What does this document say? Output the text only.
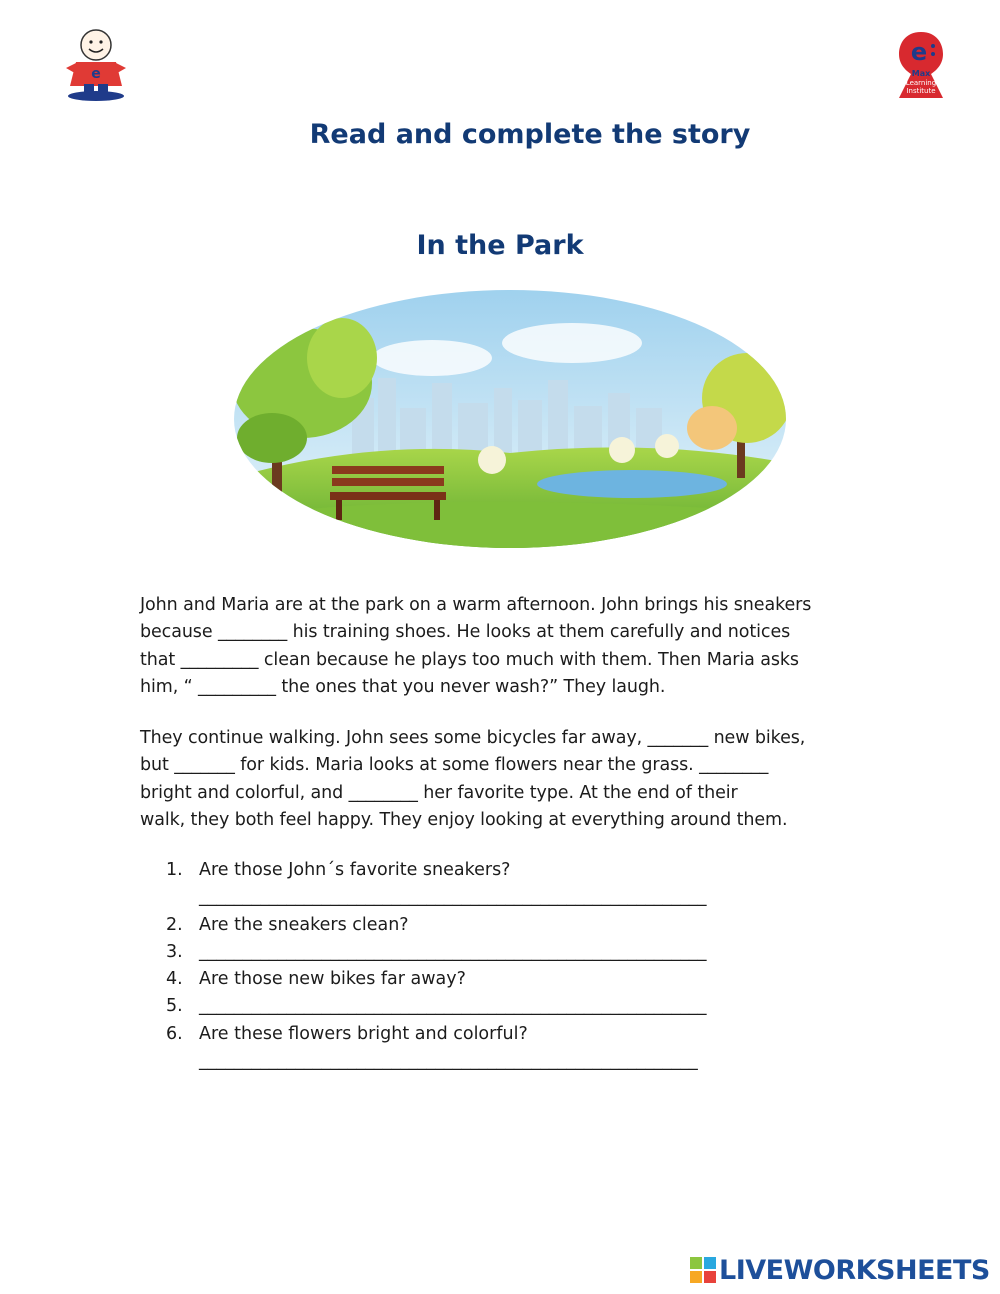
e
e
Max
Learning
Institute
Read and complete the story
In the Park
John and Maria are at the park on a warm afternoon. John brings his sneakers
because ________ his training shoes. He looks at them carefully and notices
that _________ clean because he plays too much with them. Then Maria asks
him, “ _________ the ones that you never wash?” They laugh.
They continue walking. John sees some bicycles far away, _______ new bikes,
but _______ for kids. Maria looks at some flowers near the grass. ________
bright and colorful, and ________ her favorite type. At the end of their
walk, they both feel happy. They enjoy looking at everything around them.
1. Are those John´s favorite sneakers?
__________________________________________________________
2. Are the sneakers clean?
3. __________________________________________________________
4. Are those new bikes far away?
5. __________________________________________________________
6. Are these flowers bright and colorful?
_________________________________________________________
LIVEWORKSHEETS
